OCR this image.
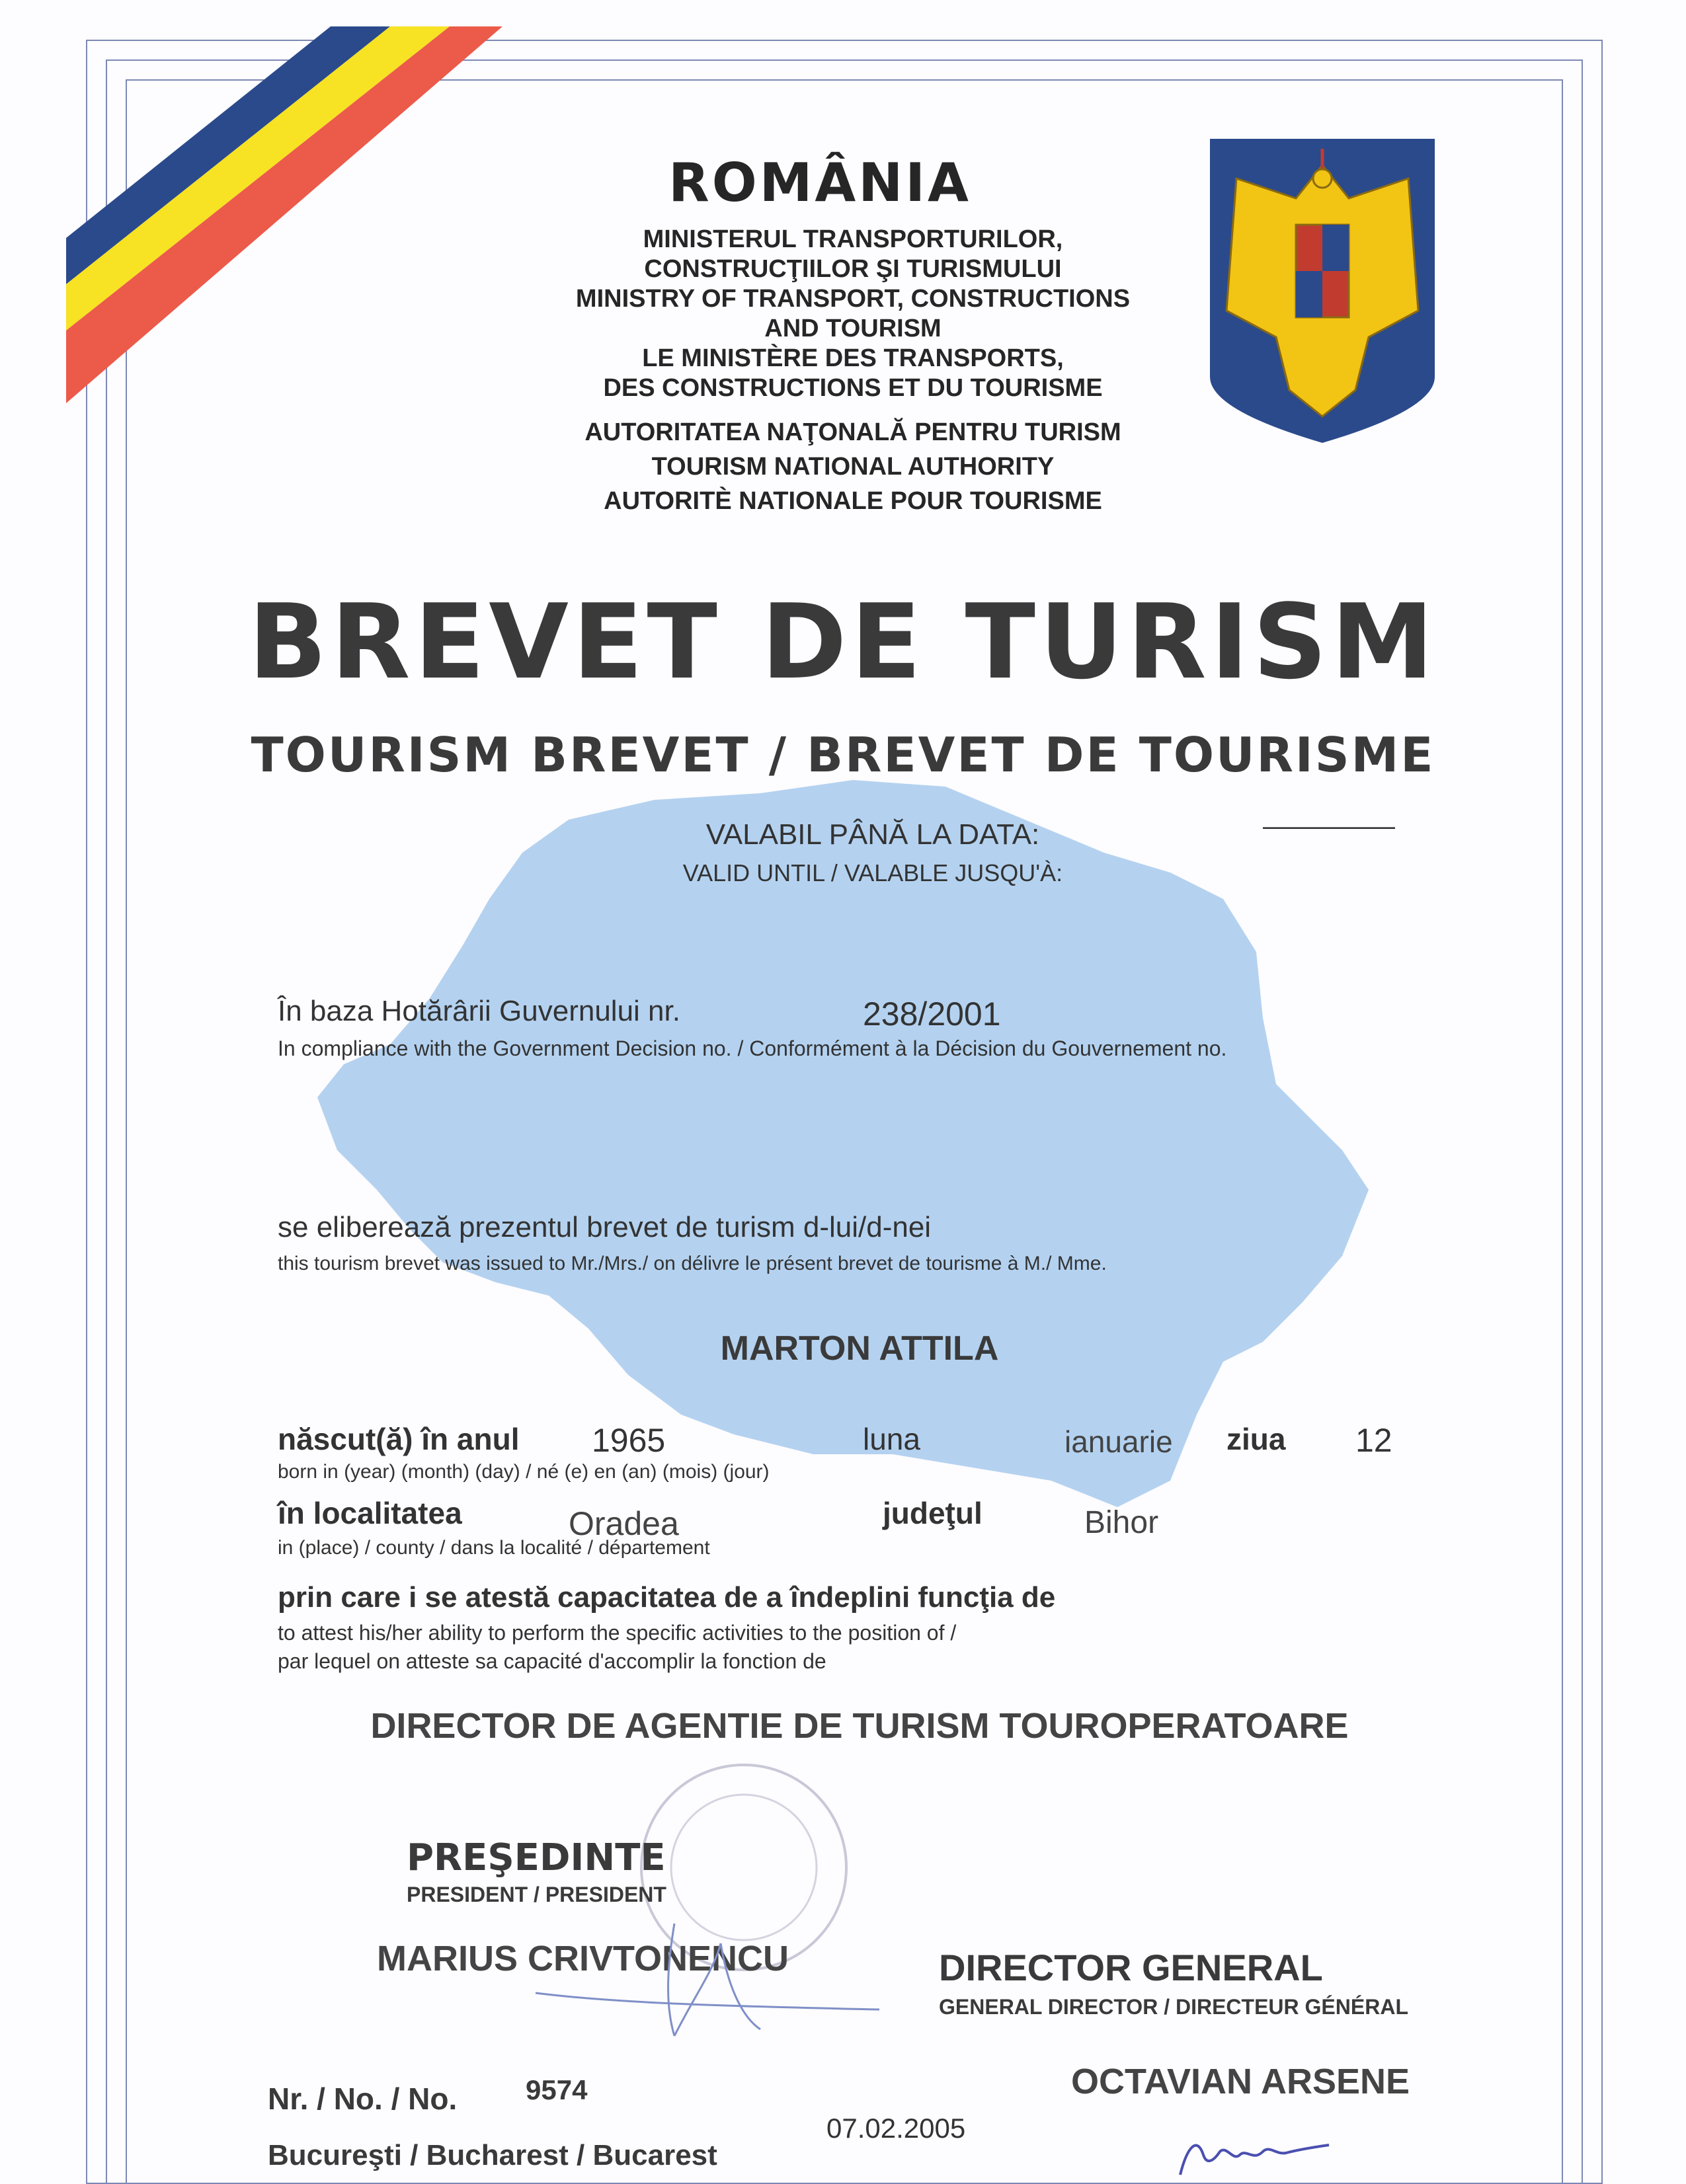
ROMÂNIA
MINISTERUL TRANSPORTURILOR,
CONSTRUCŢIILOR ŞI TURISMULUI
MINISTRY OF TRANSPORT, CONSTRUCTIONS
AND TOURISM
LE MINISTÈRE DES TRANSPORTS,
DES CONSTRUCTIONS ET DU TOURISME
AUTORITATEA NAŢONALĂ PENTRU TURISM
TOURISM NATIONAL AUTHORITY
AUTORITÈ NATIONALE POUR TOURISME
BREVET DE TURISM
TOURISM BREVET / BREVET DE TOURISME
VALABIL PÂNĂ LA DATA:
VALID UNTIL / VALABLE JUSQU'À:
—————
În baza Hotărârii Guvernului nr.	238/2001
In compliance with the Government Decision no. / Conformément à la Décision du Gouvernement no.
se eliberează prezentul brevet de turism d-lui/d-nei
this tourism brevet was issued to Mr./Mrs./ on délivre le présent brevet de tourisme à M./ Mme.
MARTON ATTILA
născut(ă) în anul 1965	luna	ianuarie ziua 12
born in (year) (month) (day) / né (e) en (an) (mois) (jour)
în localitatea	Oradea	judeţul	Bihor
in (place) / county / dans la localité / département
prin care i se atestă capacitatea de a îndeplini funcţia de
to attest his/her ability to perform the specific activities to the position of /
par lequel on atteste sa capacité d'accomplir la fonction de
DIRECTOR DE AGENTIE DE TURISM TOUROPERATOARE
PREŞEDINTE
PRESIDENT / PRESIDENT
MARIUS CRIVTONENCU	DIRECTOR GENERAL
GENERAL DIRECTOR / DIRECTEUR GÉNÉRAL
OCTAVIAN ARSENE
Nr. / No. / No. 9574
07.02.2005
Bucureşti / Bucharest / Bucarest
